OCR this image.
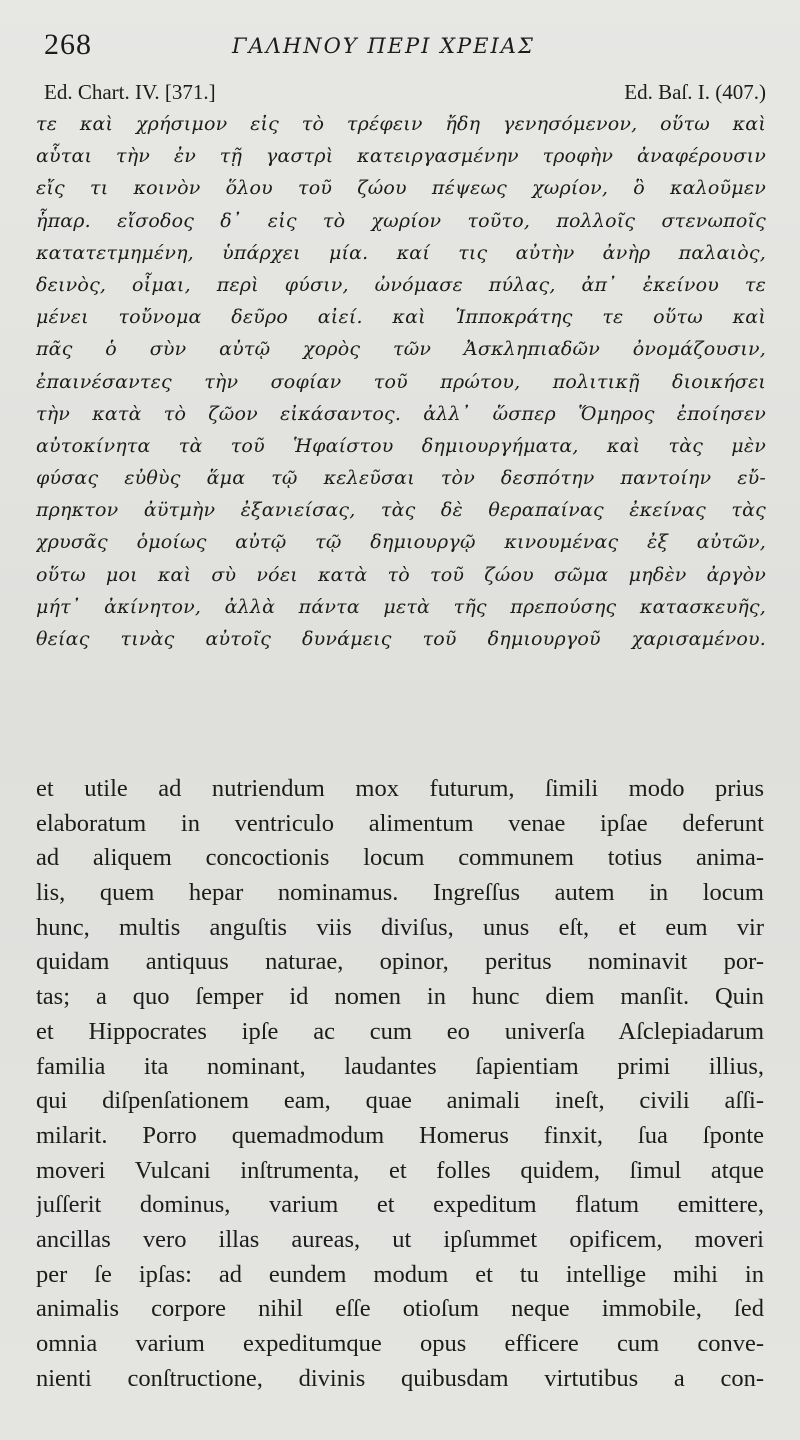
268	ΓΑΛΗΝΟΥ ΠΕΡΙ ΧΡΕΙΑΣ
Ed. Chart. IV. [371.]	Ed. Baſ. I. (407.)
τε καὶ χρήσιμον εἰς τὸ τρέφειν ἤδη γενησόμενον, οὕτω καὶ
αὗται τὴν ἐν τῇ γαστρὶ κατειργασμένην τροφὴν ἀναφέρουσιν
εἴς τι κοινὸν ὅλου τοῦ ζώου πέψεως χωρίον, ὃ καλοῦμεν
ἧπαρ. εἴσοδος δ᾽ εἰς τὸ χωρίον τοῦτο, πολλοῖς στενωποῖς
κατατετμημένη, ὑπάρχει μία. καί τις αὐτὴν ἀνὴρ παλαιὸς,
δεινὸς, οἶμαι, περὶ φύσιν, ὠνόμασε πύλας, ἀπ᾽ ἐκείνου τε
μένει τοὔνομα δεῦρο αἰεί. καὶ Ἱπποκράτης τε οὕτω καὶ
πᾶς ὁ σὺν αὐτῷ χορὸς τῶν Ἀσκληπιαδῶν ὀνομάζουσιν,
ἐπαινέσαντες τὴν σοφίαν τοῦ πρώτου, πολιτικῇ διοικήσει
τὴν κατὰ τὸ ζῶον εἰκάσαντος. ἀλλ᾽ ὥσπερ Ὅμηρος ἐποίησεν
αὐτοκίνητα τὰ τοῦ Ἡφαίστου δημιουργήματα, καὶ τὰς μὲν
φύσας εὐθὺς ἅμα τῷ κελεῦσαι τὸν δεσπότην παντοίην εὔ-
πρηκτον ἀϋτμὴν ἐξανιείσας, τὰς δὲ θεραπαίνας ἐκείνας τὰς
χρυσᾶς ὁμοίως αὐτῷ τῷ δημιουργῷ κινουμένας ἐξ αὐτῶν,
οὕτω μοι καὶ σὺ νόει κατὰ τὸ τοῦ ζώου σῶμα μηδὲν ἀργὸν
μήτ᾽ ἀκίνητον, ἀλλὰ πάντα μετὰ τῆς πρεπούσης κατασκευῆς,
θείας τινὰς αὐτοῖς δυνάμεις τοῦ δημιουργοῦ χαρισαμένου.
et utile ad nutriendum mox futurum, ſimili modo prius
elaboratum in ventriculo alimentum venae ipſae deferunt
ad aliquem concoctionis locum communem totius anima-
lis, quem hepar nominamus. Ingreſſus autem in locum
hunc, multis anguſtis viis diviſus, unus eſt, et eum vir
quidam antiquus naturae, opinor, peritus nominavit por-
tas; a quo ſemper id nomen in hunc diem manſit. Quin
et Hippocrates ipſe ac cum eo univerſa Aſclepiadarum
familia ita nominant, laudantes ſapientiam primi illius,
qui diſpenſationem eam, quae animali ineſt, civili aſſi-
milarit. Porro quemadmodum Homerus finxit, ſua ſponte
moveri Vulcani inſtrumenta, et folles quidem, ſimul atque
juſſerit dominus, varium et expeditum flatum emittere,
ancillas vero illas aureas, ut ipſummet opificem, moveri
per ſe ipſas: ad eundem modum et tu intellige mihi in
animalis corpore nihil eſſe otioſum neque immobile, ſed
omnia varium expeditumque opus efficere cum conve-
nienti conſtructione, divinis quibusdam virtutibus a con-
